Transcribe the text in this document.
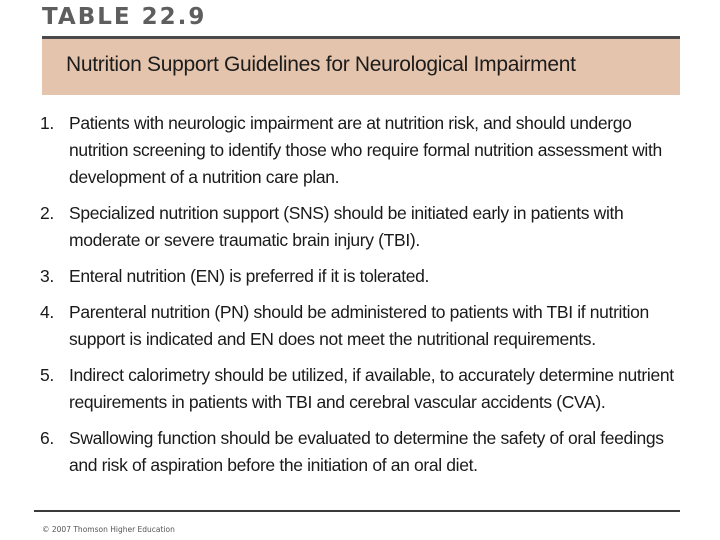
TABLE 22.9
Nutrition Support Guidelines for Neurological Impairment
1. Patients with neurologic impairment are at nutrition risk, and should undergo nutrition screening to identify those who require formal nutrition assessment with development of a nutrition care plan.
2. Specialized nutrition support (SNS) should be initiated early in patients with moderate or severe traumatic brain injury (TBI).
3. Enteral nutrition (EN) is preferred if it is tolerated.
4. Parenteral nutrition (PN) should be administered to patients with TBI if nutrition support is indicated and EN does not meet the nutritional requirements.
5. Indirect calorimetry should be utilized, if available, to accurately determine nutrient requirements in patients with TBI and cerebral vascular accidents (CVA).
6. Swallowing function should be evaluated to determine the safety of oral feedings and risk of aspiration before the initiation of an oral diet.
© 2007 Thomson Higher Education
